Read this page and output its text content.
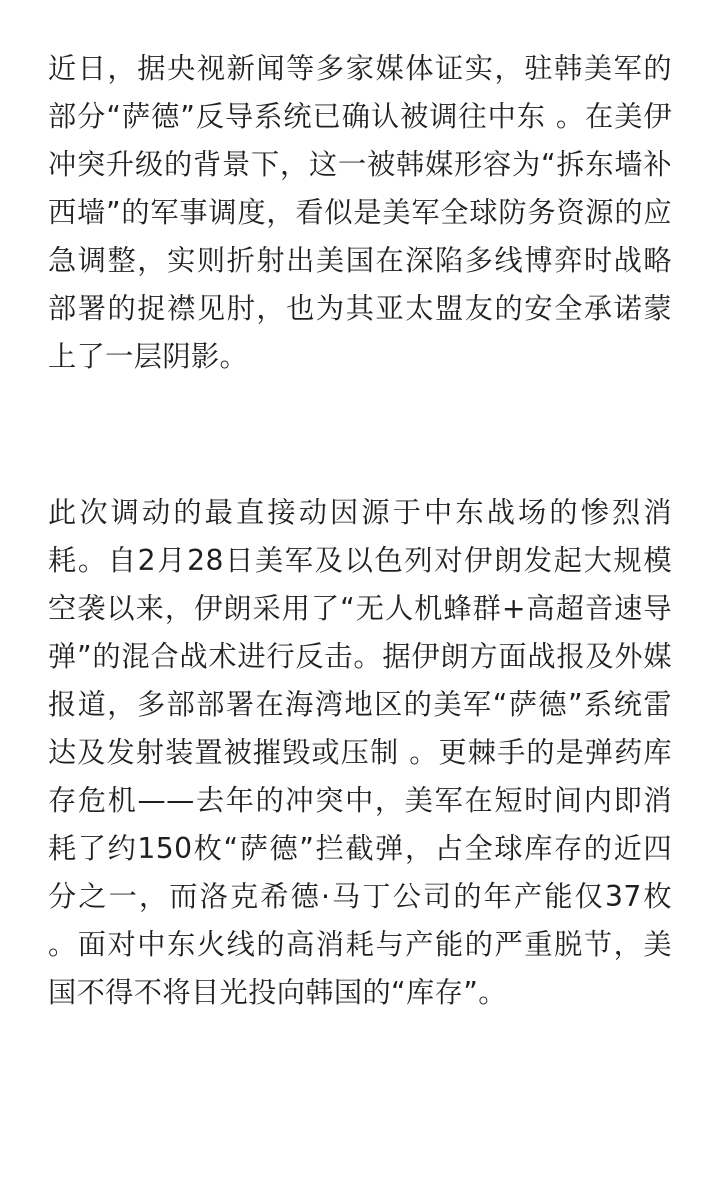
近日，据央视新闻等多家媒体证实，驻韩美军的部分“萨德”反导系统已确认被调往中东 。在美伊冲突升级的背景下，这一被韩媒形容为“拆东墙补西墙”的军事调度，看似是美军全球防务资源的应急调整，实则折射出美国在深陷多线博弈时战略部署的捉襟见肘，也为其亚太盟友的安全承诺蒙上了一层阴影。

此次调动的最直接动因源于中东战场的惨烈消耗。自2月28日美军及以色列对伊朗发起大规模空袭以来，伊朗采用了“无人机蜂群+高超音速导弹”的混合战术进行反击。据伊朗方面战报及外媒报道，多部部署在海湾地区的美军“萨德”系统雷达及发射装置被摧毁或压制 。更棘手的是弹药库存危机——去年的冲突中，美军在短时间内即消耗了约150枚“萨德”拦截弹，占全球库存的近四分之一，而洛克希德·马丁公司的年产能仅37枚 。面对中东火线的高消耗与产能的严重脱节，美国不得不将目光投向韩国的“库存”。
